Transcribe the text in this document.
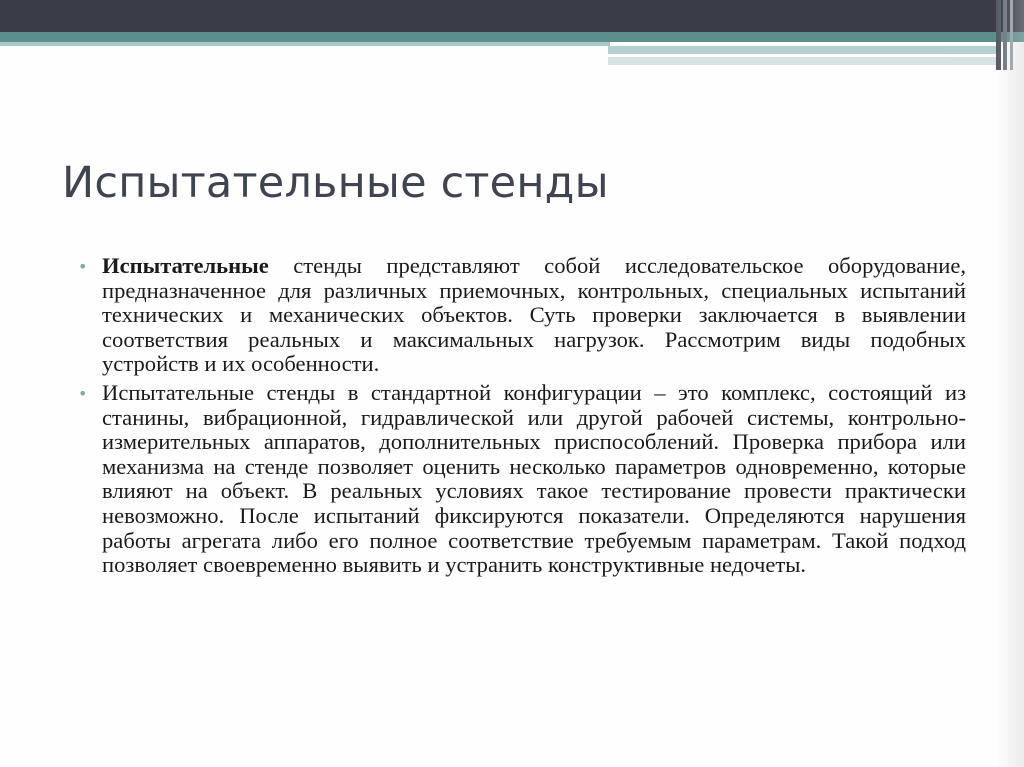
Испытательные стенды

• Испытательные стенды представляют собой исследовательское оборудование, предназначенное для различных приемочных, контрольных, специальных испытаний технических и механических объектов. Суть проверки заключается в выявлении соответствия реальных и максимальных нагрузок. Рассмотрим виды подобных устройств и их особенности.

• Испытательные стенды в стандартной конфигурации – это комплекс, состоящий из станины, вибрационной, гидравлической или другой рабочей системы, контрольно-измерительных аппаратов, дополнительных приспособлений. Проверка прибора или механизма на стенде позволяет оценить несколько параметров одновременно, которые влияют на объект. В реальных условиях такое тестирование провести практически невозможно. После испытаний фиксируются показатели. Определяются нарушения работы агрегата либо его полное соответствие требуемым параметрам. Такой подход позволяет своевременно выявить и устранить конструктивные недочеты.
